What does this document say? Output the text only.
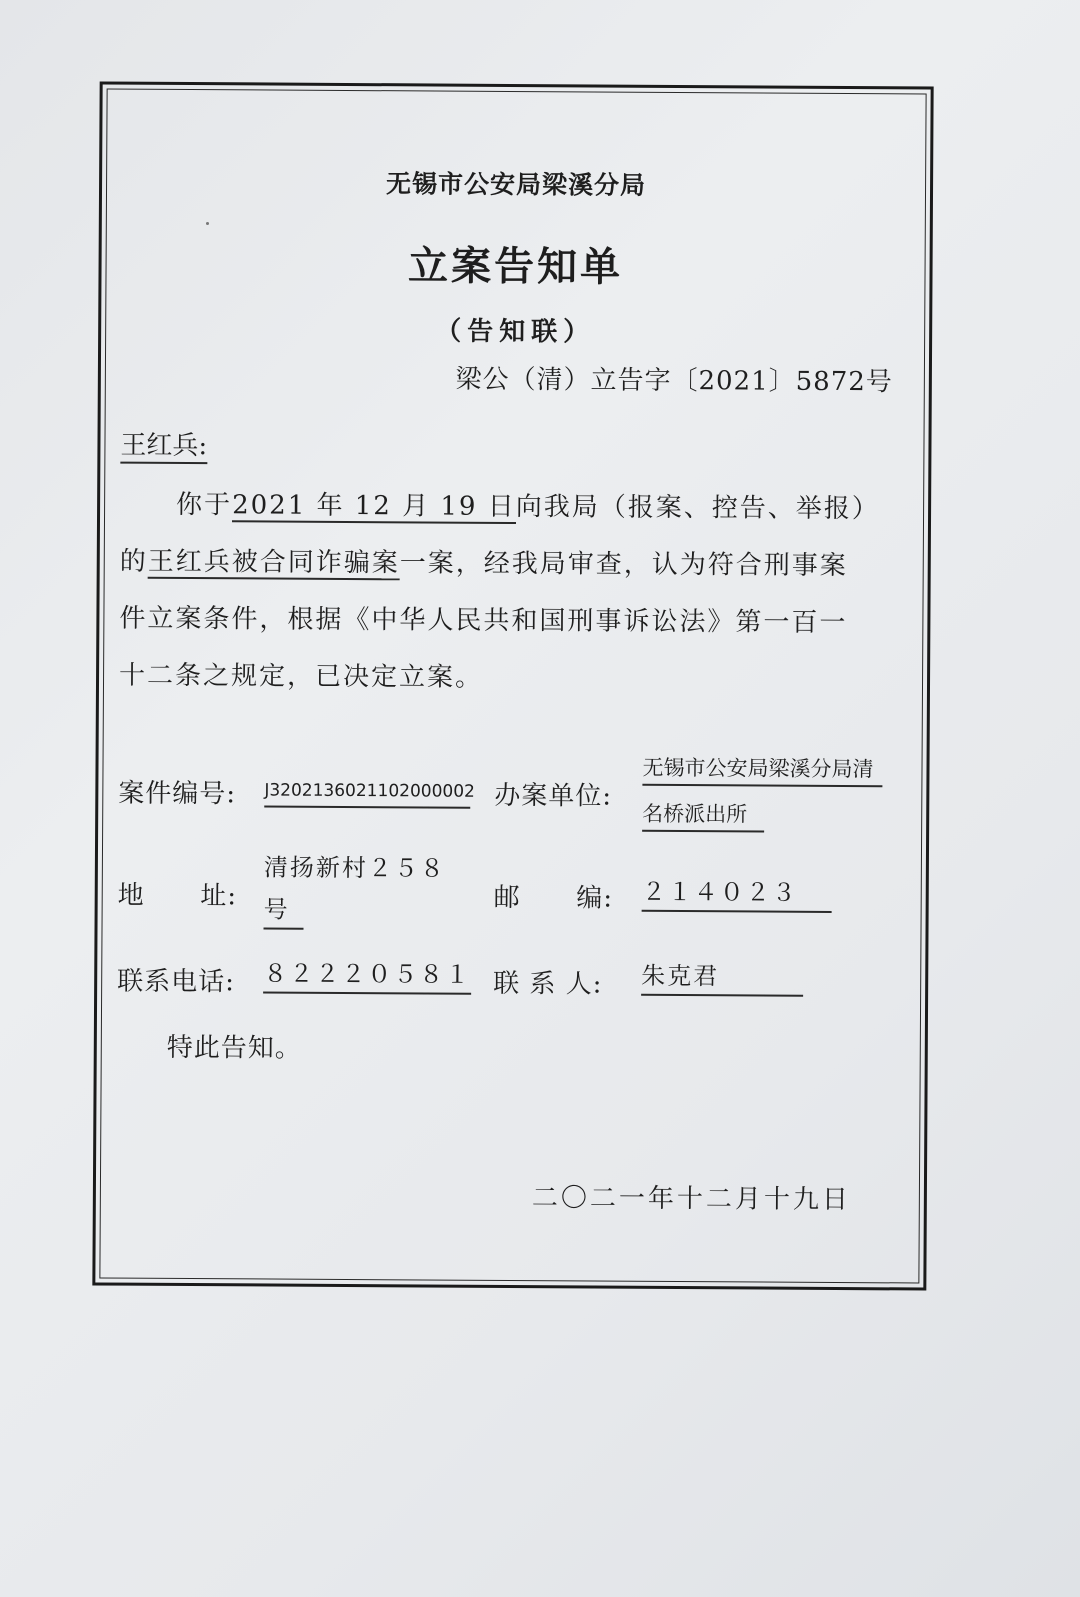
无锡市公安局梁溪分局
立案告知单
（告知联）
梁公（清）立告字〔2021〕5872号
王红兵:
你于2021 年 12 月 19 日向我局（报案、控告、举报）
的王红兵被合同诈骗案一案，经我局审查，认为符合刑事案
件立案条件，根据《中华人民共和国刑事诉讼法》第一百一
十二条之规定，已决定立案。
案件编号: J3202136021102000002 办案单位:
无锡市公安局梁溪分局清
名桥派出所
地      址:
清扬新村２５８
号	邮      编: ２１４０２３
联系电话: ８２２２０５８１ 联 系 人: 朱克君
特此告知。
二〇二一年十二月十九日
